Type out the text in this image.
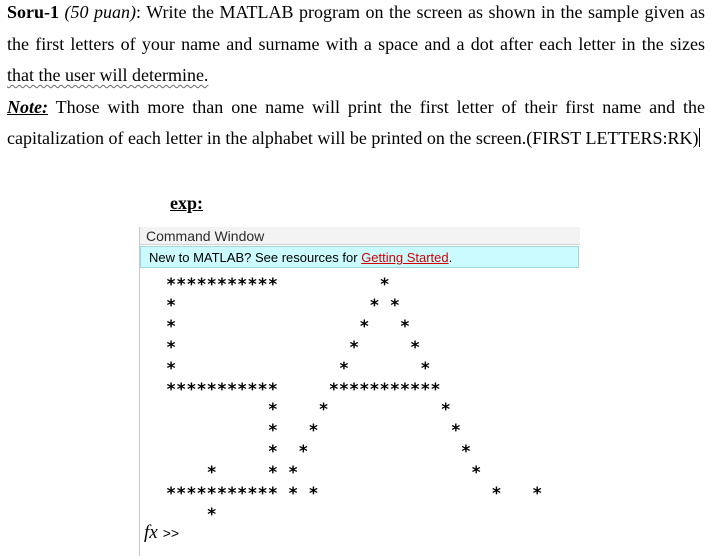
Soru-1 (50 puan): Write the MATLAB program on the screen as shown in the sample given as
the first letters of your name and surname with a space and a dot after each letter in the sizes
that the user will determine.
Note: Those with more than one name will print the first letter of their first name and the
capitalization of each letter in the alphabet will be printed on the screen.(FIRST LETTERS:RK)
exp:
Command Window
New to MATLAB? See resources for Getting Started.
***********          *
*                   * *
*                  *   *
*                 *     *
*                *       *
***********     ***********
*    *           *
*   *             *
*  *               *
*     * *                 *
*********** * *                 *   *
*
fx >>
